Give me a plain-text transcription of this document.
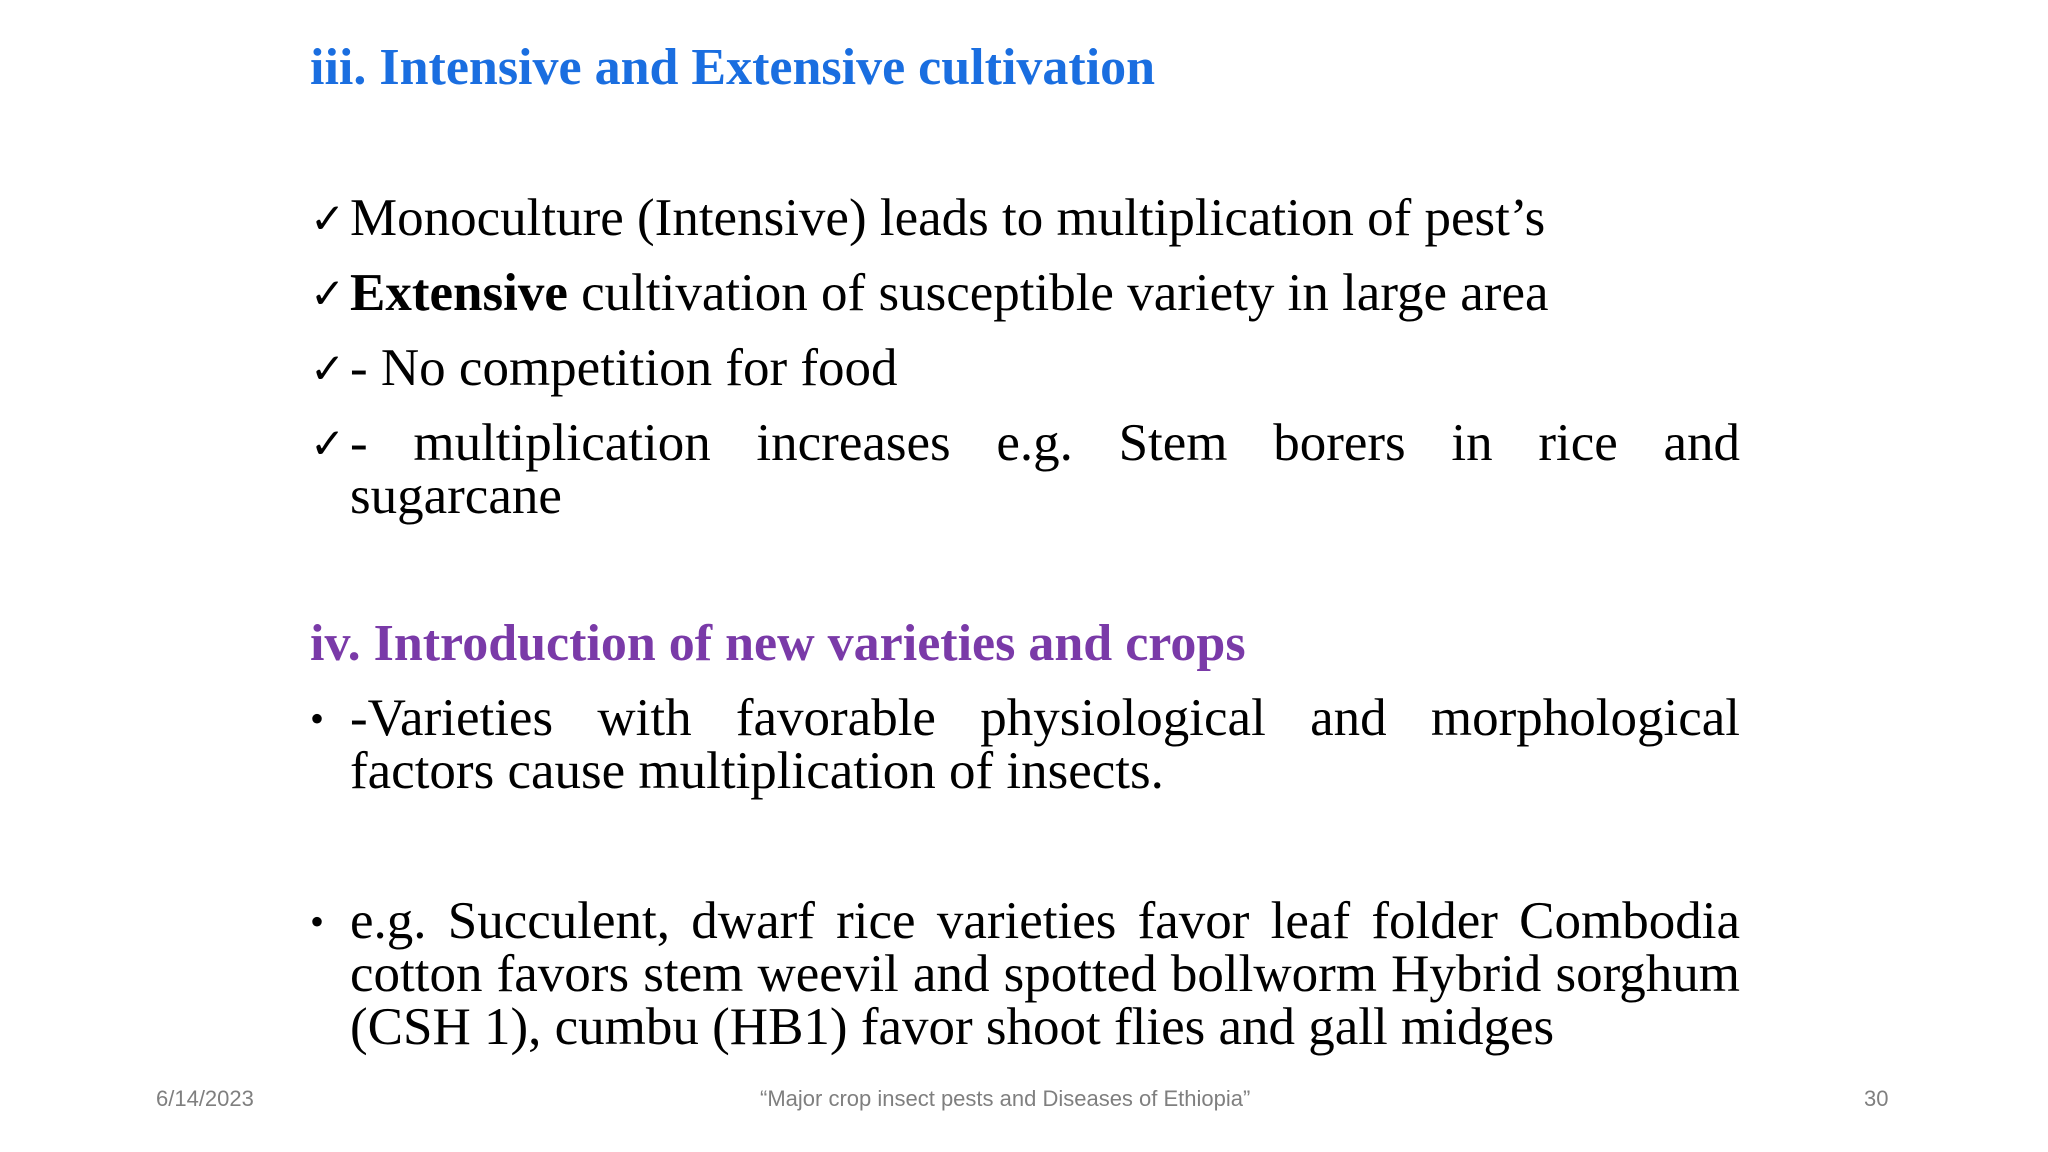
iii. Intensive and Extensive cultivation
✓ Monoculture (Intensive) leads to multiplication of pest’s
✓ Extensive cultivation of susceptible variety in large area
✓ - No competition for food
✓ - multiplication increases e.g. Stem borers in rice and
sugarcane
iv. Introduction of new varieties and crops
• -Varieties with favorable physiological and morphological factors cause multiplication of insects.
• e.g. Succulent, dwarf rice varieties favor leaf folder Combodia cotton favors stem weevil and spotted bollworm Hybrid sorghum (CSH 1), cumbu (HB1) favor shoot flies and gall midges
6/14/2023	“Major crop insect pests and Diseases of Ethiopia”	30
